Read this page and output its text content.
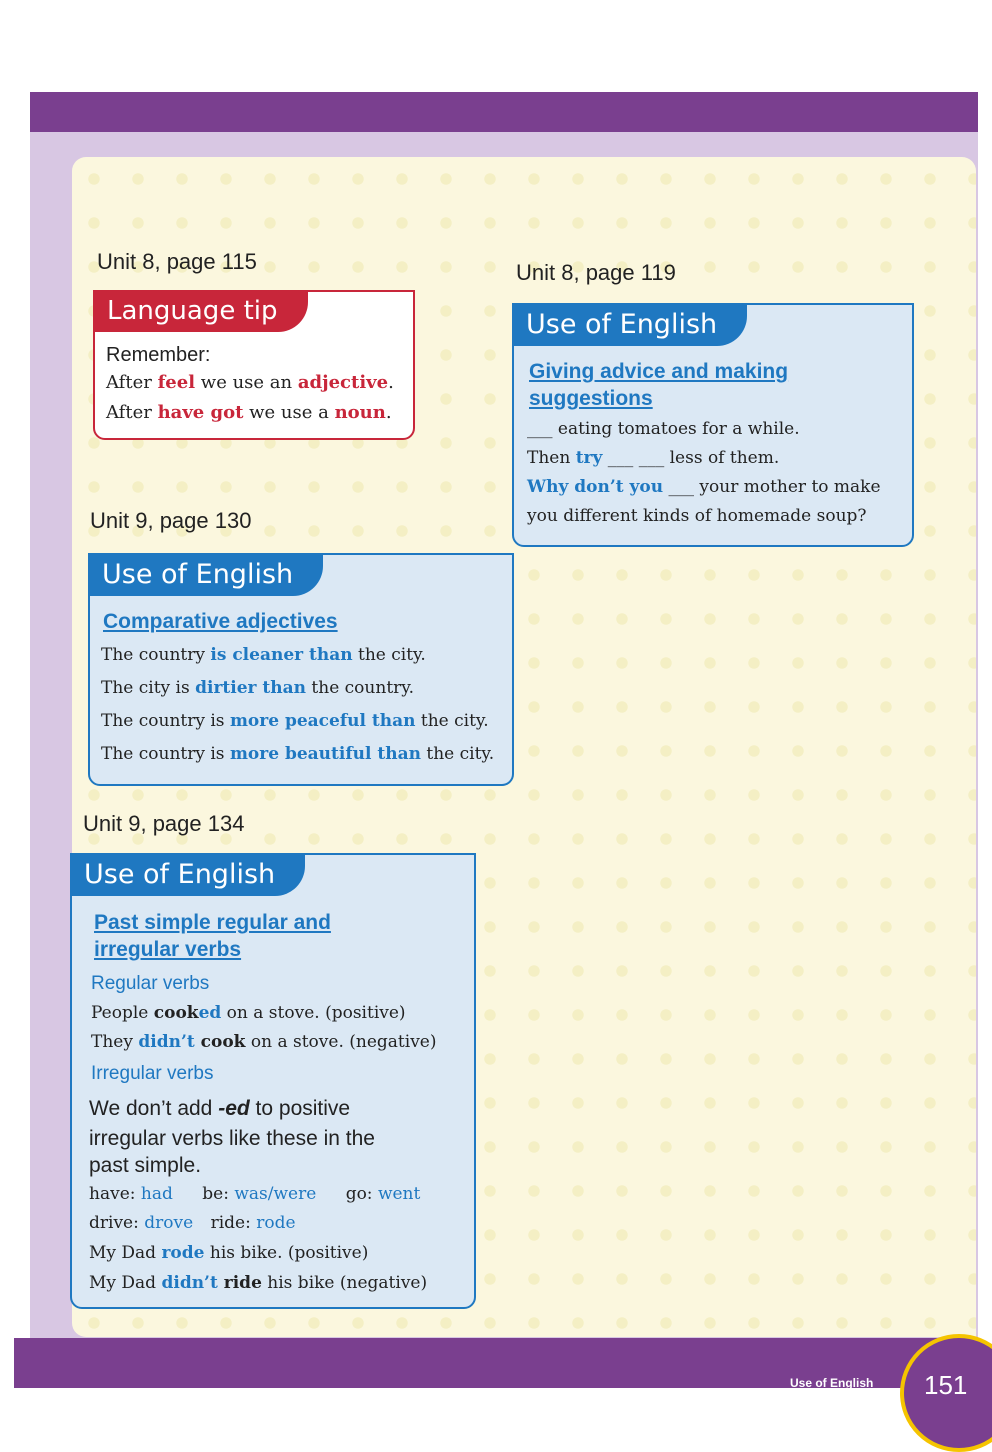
Unit 8, page 115
Language tip
Remember:
After feel we use an adjective.
After have got we use a noun.
Unit 8, page 119
Use of English
Giving advice and making
suggestions
___ eating tomatoes for a while.
Then try ___ ___ less of them.
Why don’t you ___ your mother to make
you different kinds of homemade soup?
Unit 9, page 130
Use of English
Comparative adjectives
The country is cleaner than the city.
The city is dirtier than the country.
The country is more peaceful than the city.
The country is more beautiful than the city.
Unit 9, page 134
Use of English
Past simple regular and
irregular verbs
Regular verbs
People cooked on a stove. (positive)
They didn’t cook on a stove. (negative)
Irregular verbs
We don’t add -ed to positive
irregular verbs like these in the
past simple.
have: had be: was/were go: went
drive: drove ride: rode
My Dad rode his bike. (positive)
My Dad didn’t ride his bike (negative)
Use of English 151
